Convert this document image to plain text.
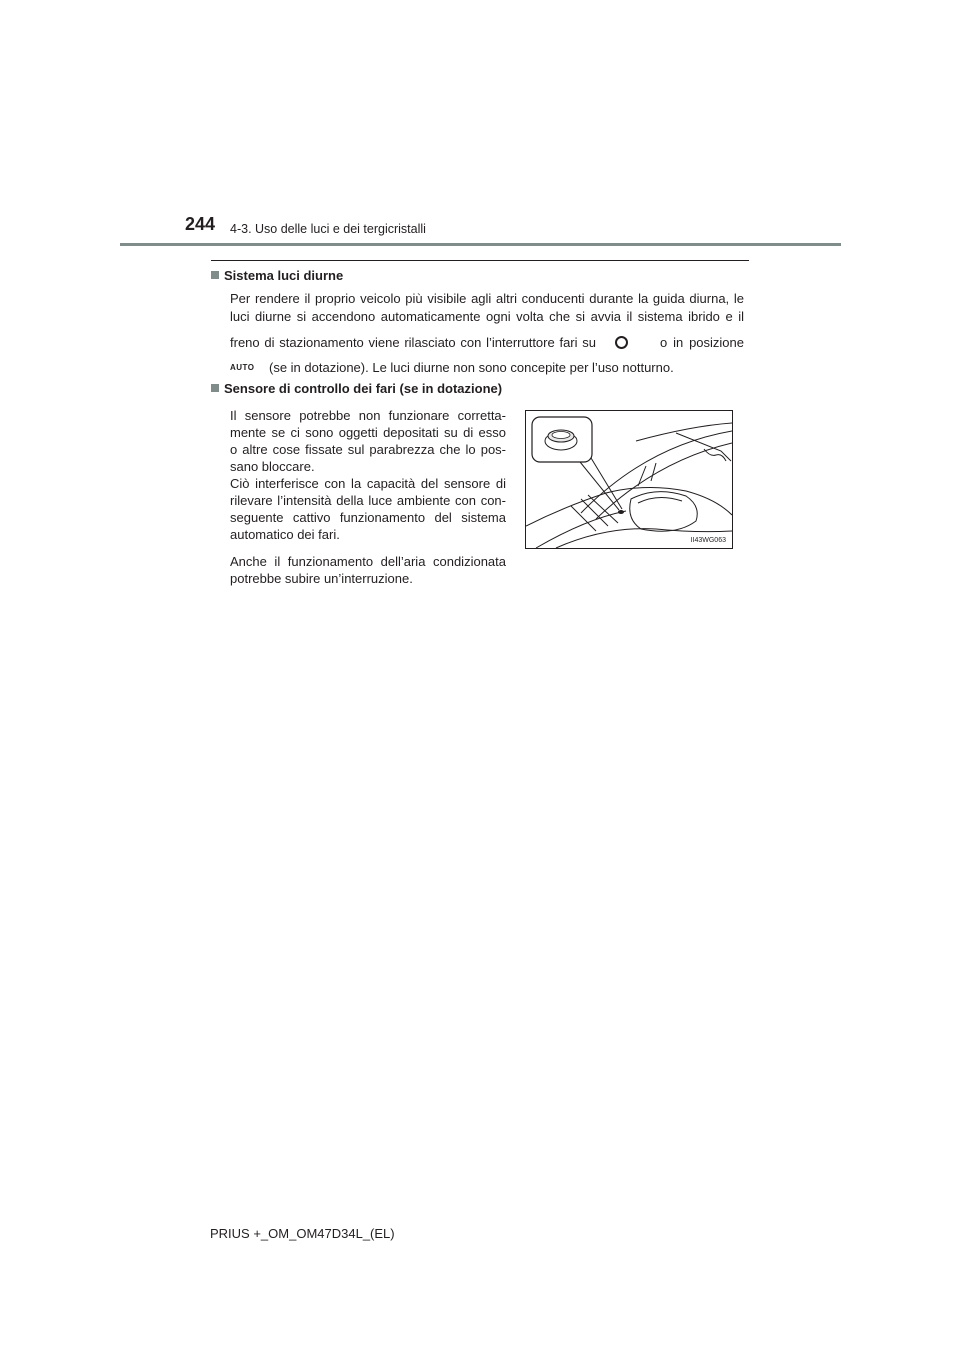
244 4-3. Uso delle luci e dei tergicristalli
Sistema luci diurne
Per rendere il proprio veicolo più visibile agli altri conducenti durante la guida diurna, le
luci diurne si accendono automaticamente ogni volta che si avvia il sistema ibrido e il
freno di stazionamento viene rilasciato con l’interruttore fari su	o in posizione
AUTO (se in dotazione). Le luci diurne non sono concepite per l’uso notturno.
Sensore di controllo dei fari (se in dotazione)
Il sensore potrebbe non funzionare corretta-
mente se ci sono oggetti depositati su di esso
o altre cose fissate sul parabrezza che lo pos-
sano bloccare.
Ciò interferisce con la capacità del sensore di
rilevare l’intensità della luce ambiente con con-
seguente cattivo funzionamento del sistema
automatico dei fari.
Anche il funzionamento dell’aria condizionata
potrebbe subire un’interruzione.
II43WG063
PRIUS +_OM_OM47D34L_(EL)
